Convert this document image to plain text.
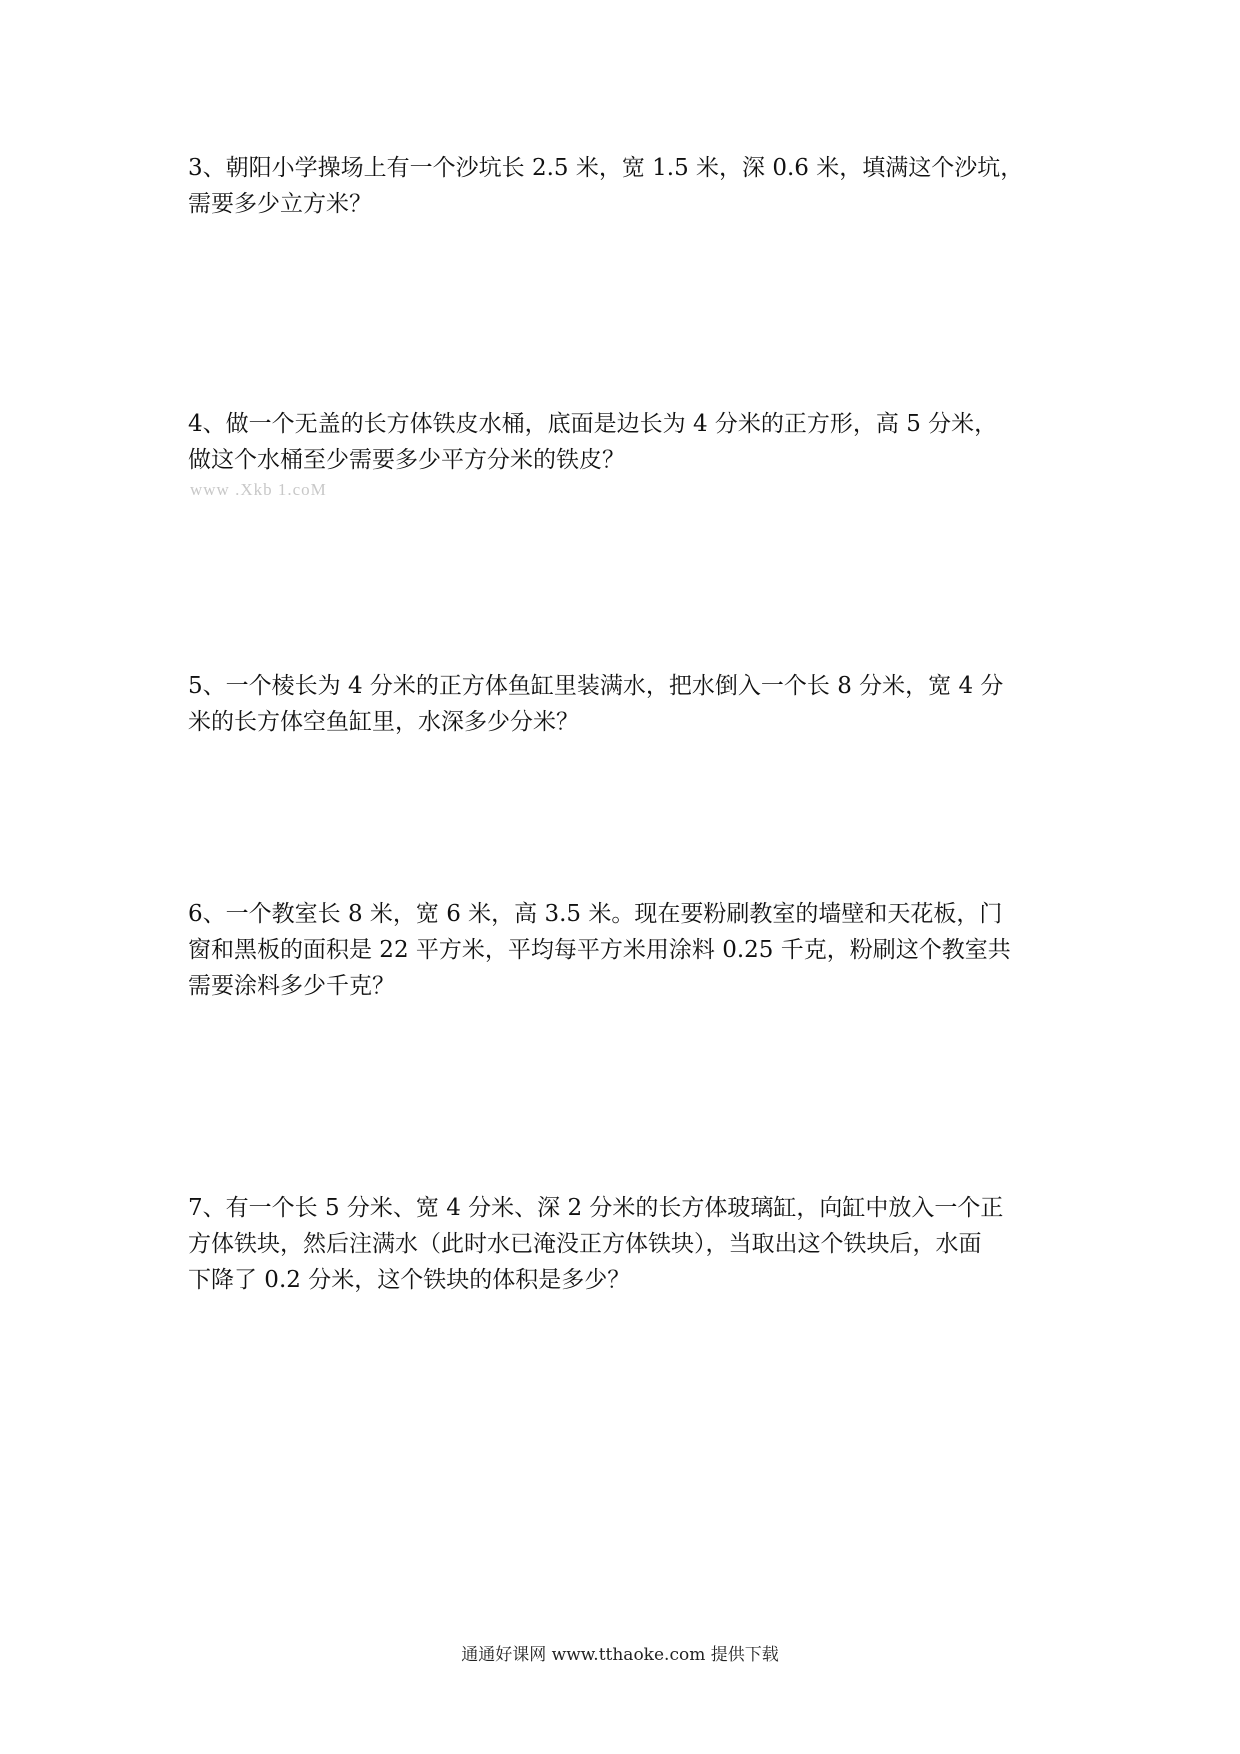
3、朝阳小学操场上有一个沙坑长 2.5 米，宽 1.5 米，深 0.6 米，填满这个沙坑，
需要多少立方米？
4、做一个无盖的长方体铁皮水桶，底面是边长为 4 分米的正方形，高 5 分米，
做这个水桶至少需要多少平方分米的铁皮？
www .Xkb 1.coM
5、一个棱长为 4 分米的正方体鱼缸里装满水，把水倒入一个长 8 分米，宽 4 分
米的长方体空鱼缸里，水深多少分米？
6、一个教室长 8 米，宽 6 米，高 3.5 米。现在要粉刷教室的墙壁和天花板，门
窗和黑板的面积是 22 平方米，平均每平方米用涂料 0.25 千克，粉刷这个教室共
需要涂料多少千克？
7、有一个长 5 分米、宽 4 分米、深 2 分米的长方体玻璃缸，向缸中放入一个正
方体铁块，然后注满水（此时水已淹没正方体铁块），当取出这个铁块后，水面
下降了 0.2 分米，这个铁块的体积是多少？
通通好课网 www.tthaoke.com 提供下载
